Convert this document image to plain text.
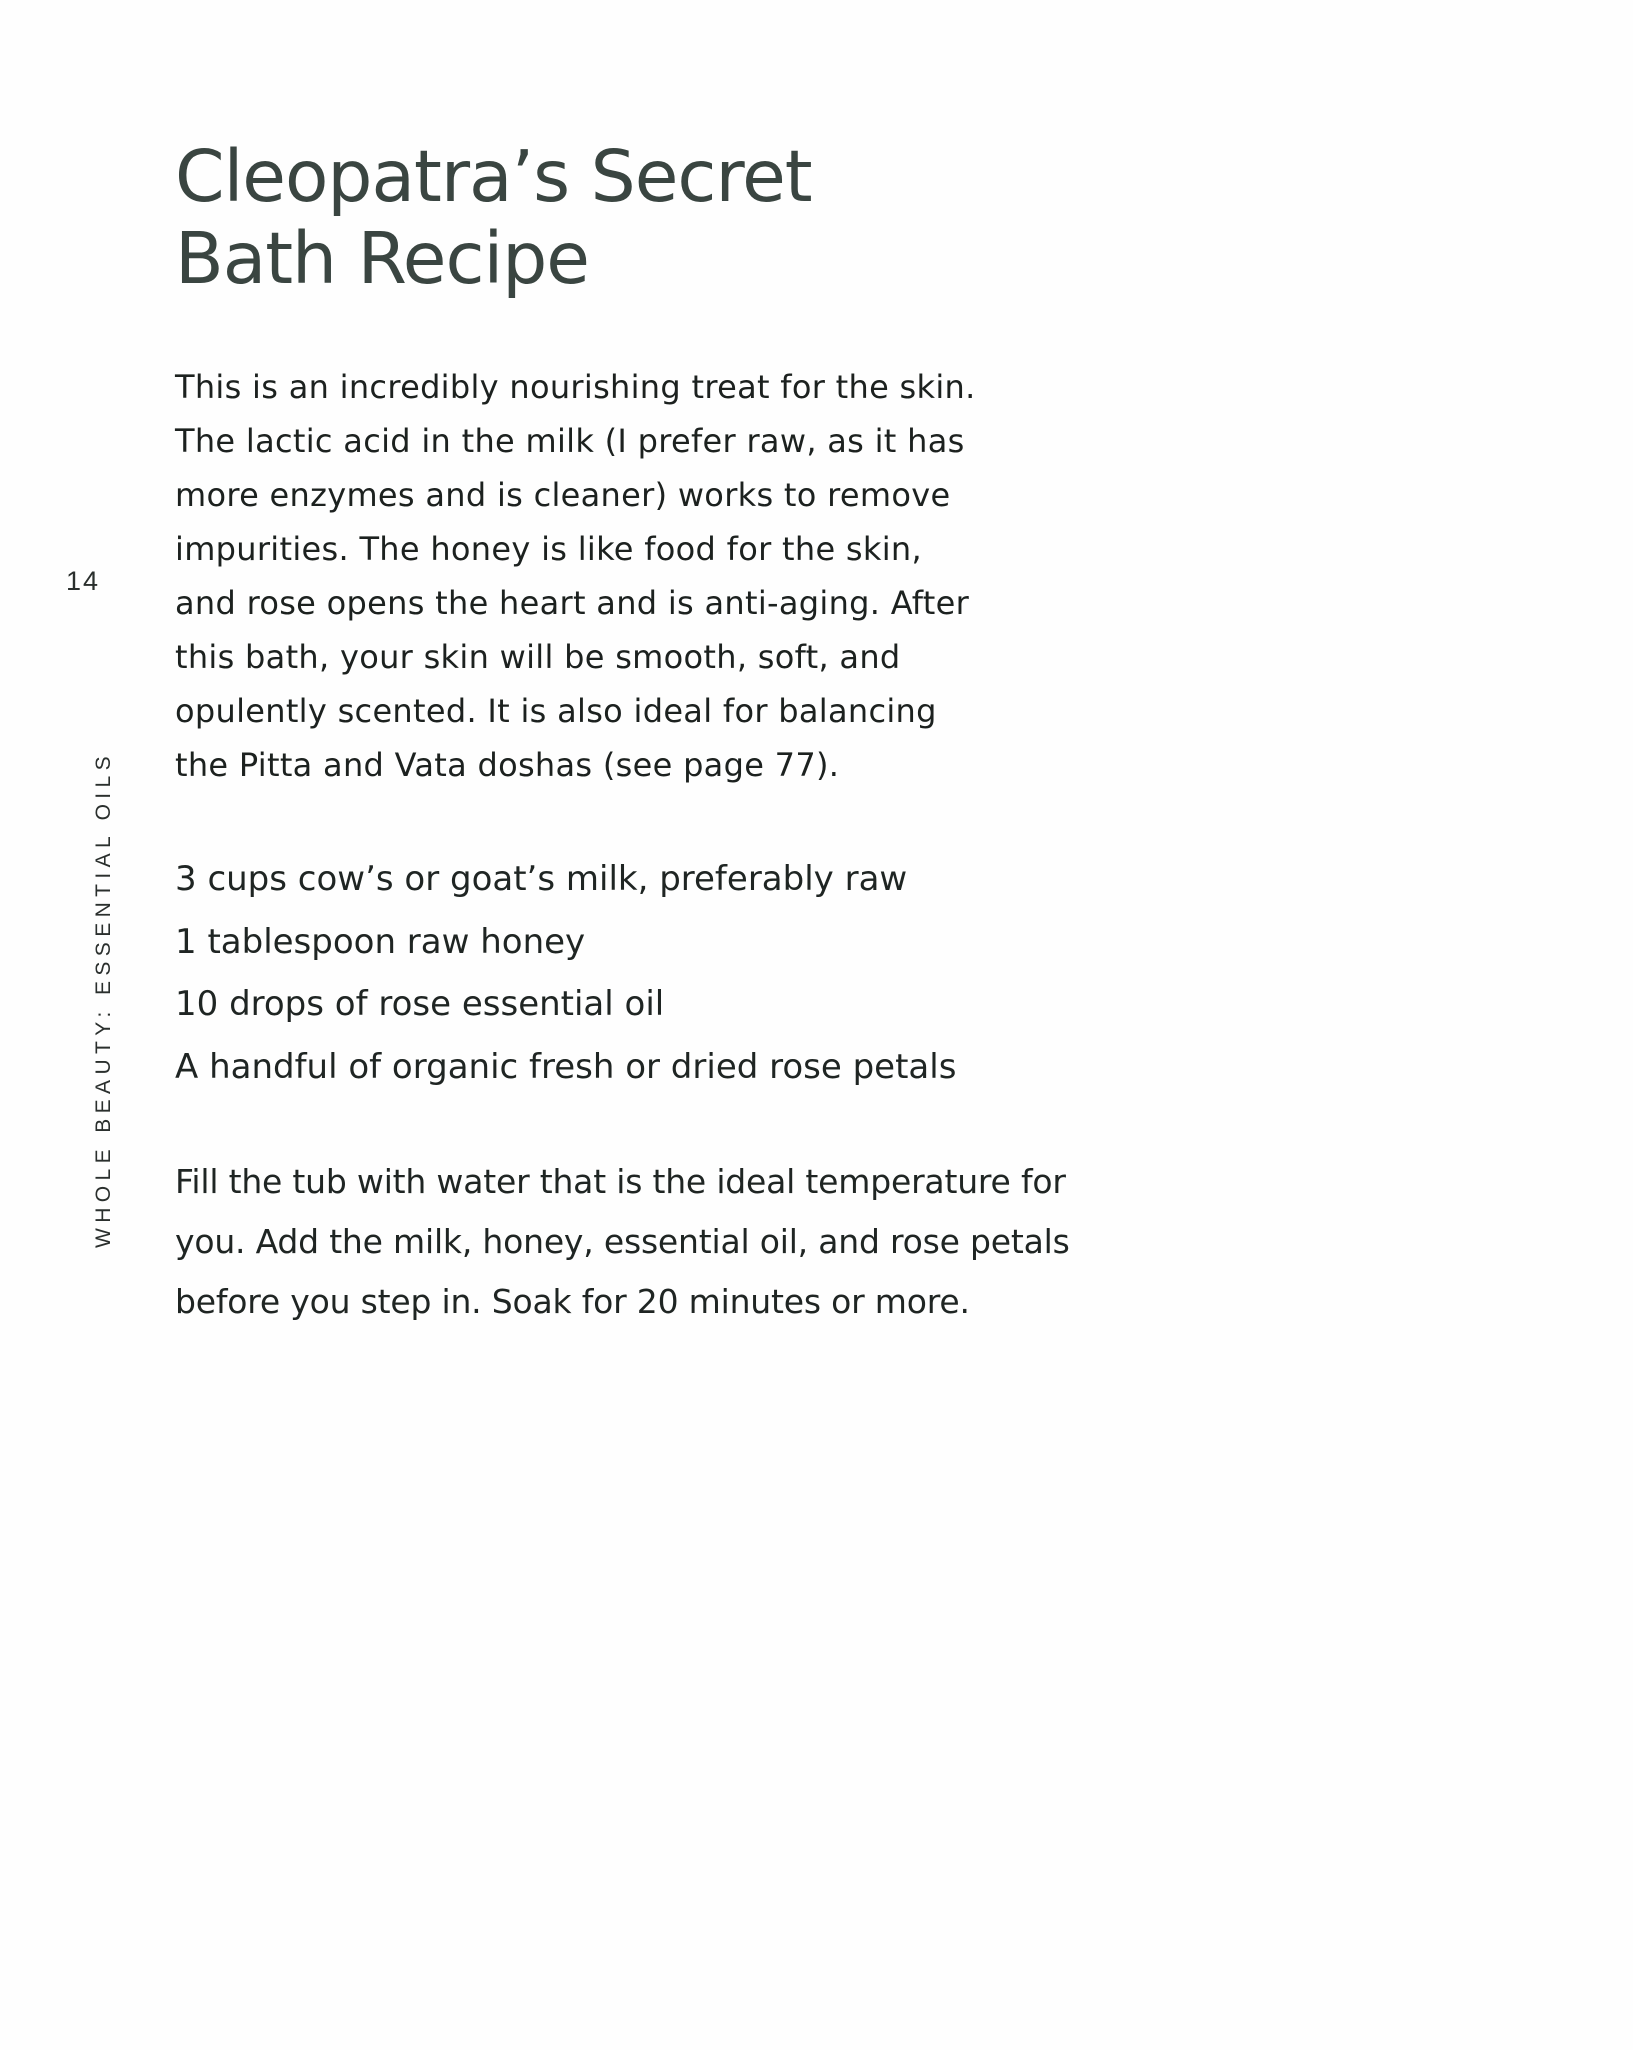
14
WHOLE BEAUTY: ESSENTIAL OILS
Cleopatra’s Secret
Bath Recipe

This is an incredibly nourishing treat for the skin.
The lactic acid in the milk (I prefer raw, as it has
more enzymes and is cleaner) works to remove
impurities. The honey is like food for the skin,
and rose opens the heart and is anti-aging. After
this bath, your skin will be smooth, soft, and
opulently scented. It is also ideal for balancing
the Pitta and Vata doshas (see page 77).

3 cups cow’s or goat’s milk, preferably raw
1 tablespoon raw honey
10 drops of rose essential oil
A handful of organic fresh or dried rose petals

Fill the tub with water that is the ideal temperature for
you. Add the milk, honey, essential oil, and rose petals
before you step in. Soak for 20 minutes or more.
